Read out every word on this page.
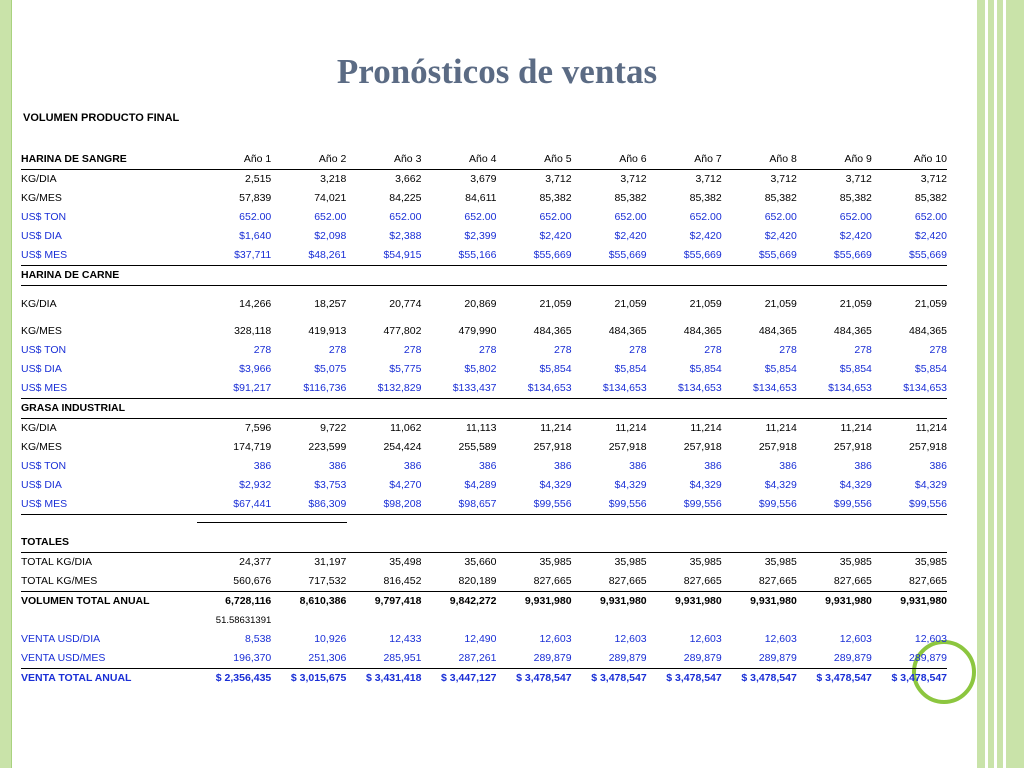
Pronósticos de ventas
VOLUMEN PRODUCTO FINAL
HARINA DE SANGRE	Año 1	Año 2	Año 3	Año 4	Año 5	Año 6	Año 7	Año 8	Año 9	Año 10
KG/DIA	2,515	3,218	3,662	3,679	3,712	3,712	3,712	3,712	3,712	3,712
KG/MES	57,839	74,021	84,225	84,611	85,382	85,382	85,382	85,382	85,382	85,382
US$ TON	652.00	652.00	652.00	652.00	652.00	652.00	652.00	652.00	652.00	652.00
US$ DIA	$1,640	$2,098	$2,388	$2,399	$2,420	$2,420	$2,420	$2,420	$2,420	$2,420
US$ MES	$37,711	$48,261	$54,915	$55,166	$55,669	$55,669	$55,669	$55,669	$55,669	$55,669
HARINA DE CARNE										
KG/DIA	14,266	18,257	20,774	20,869	21,059	21,059	21,059	21,059	21,059	21,059
KG/MES	328,118	419,913	477,802	479,990	484,365	484,365	484,365	484,365	484,365	484,365
US$ TON	278	278	278	278	278	278	278	278	278	278
US$ DIA	$3,966	$5,075	$5,775	$5,802	$5,854	$5,854	$5,854	$5,854	$5,854	$5,854
US$ MES	$91,217	$116,736	$132,829	$133,437	$134,653	$134,653	$134,653	$134,653	$134,653	$134,653
GRASA INDUSTRIAL										
KG/DIA	7,596	9,722	11,062	11,113	11,214	11,214	11,214	11,214	11,214	11,214
KG/MES	174,719	223,599	254,424	255,589	257,918	257,918	257,918	257,918	257,918	257,918
US$ TON	386	386	386	386	386	386	386	386	386	386
US$ DIA	$2,932	$3,753	$4,270	$4,289	$4,329	$4,329	$4,329	$4,329	$4,329	$4,329
US$ MES	$67,441	$86,309	$98,208	$98,657	$99,556	$99,556	$99,556	$99,556	$99,556	$99,556

TOTALES										
TOTAL KG/DIA	24,377	31,197	35,498	35,660	35,985	35,985	35,985	35,985	35,985	35,985
TOTAL KG/MES	560,676	717,532	816,452	820,189	827,665	827,665	827,665	827,665	827,665	827,665
VOLUMEN TOTAL ANUAL	6,728,116	8,610,386	9,797,418	9,842,272	9,931,980	9,931,980	9,931,980	9,931,980	9,931,980	9,931,980
	51.58631391									
VENTA USD/DIA	8,538	10,926	12,433	12,490	12,603	12,603	12,603	12,603	12,603	12,603
VENTA USD/MES	196,370	251,306	285,951	287,261	289,879	289,879	289,879	289,879	289,879	289,879
VENTA TOTAL ANUAL	$ 2,356,435	$ 3,015,675	$ 3,431,418	$ 3,447,127	$ 3,478,547	$ 3,478,547	$ 3,478,547	$ 3,478,547	$ 3,478,547	$ 3,478,547
